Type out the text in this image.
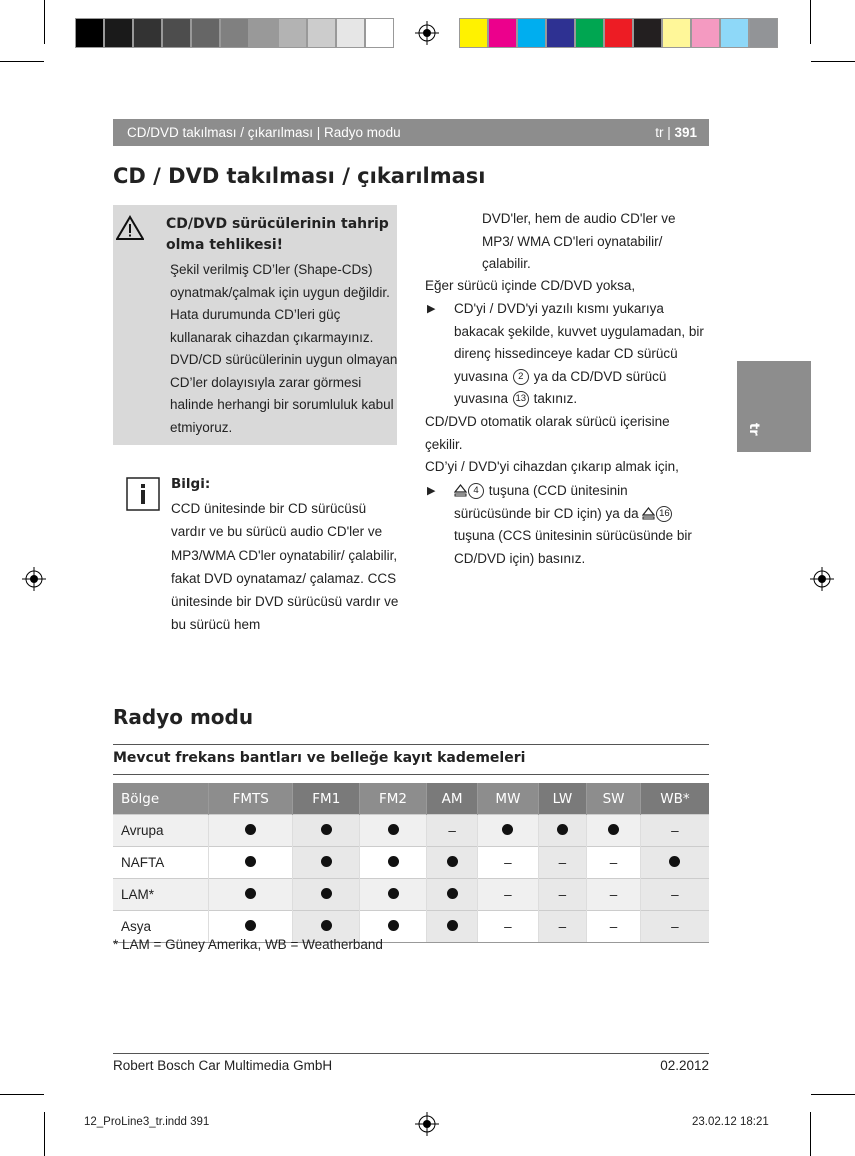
CD/DVD takılması / çıkarılması | Radyo modu	tr | 391
CD / DVD takılması / çıkarılması
CD/DVD sürücülerinin tahrip olma tehlikesi!
Şekil verilmiş CD’ler (Shape-CDs) oynatmak/çalmak için uygun değildir. Hata durumunda CD’leri güç kullanarak cihazdan çıkarmayınız. DVD/CD sürücülerinin uygun olmayan CD’ler dolayısıyla zarar görmesi halinde herhangi bir sorumluluk kabul etmiyoruz.
Bilgi:
CCD ünitesinde bir CD sürücüsü vardır ve bu sürücü audio CD'ler ve MP3/WMA CD'ler oynatabilir/ çalabilir, fakat DVD oynatamaz/ çalamaz. CCS ünitesinde bir DVD sürücüsü vardır ve bu sürücü hem
DVD'ler, hem de audio CD'ler ve MP3/ WMA CD'leri oynatabilir/çalabilir.
Eğer sürücü içinde CD/DVD yoksa,
▶ CD'yi / DVD'yi yazılı kısmı yukarıya bakacak şekilde, kuvvet uygulamadan, bir direnç hissedinceye kadar CD sürücü yuvasına 2 ya da CD/DVD sürücü yuvasına 13 takınız.
CD/DVD otomatik olarak sürücü içerisine çekilir.
CD’yi / DVD'yi cihazdan çıkarıp almak için,
▶	4 tuşuna (CCD ünitesinin sürücüsünde bir CD için) ya da 16 tuşuna (CCS ünitesinin sürücüsünde bir CD/DVD için) basınız.
tr
Radyo modu
Mevcut frekans bantları ve belleğe kayıt kademeleri
Bölge	FMTS	FM1	FM2	AM	MW	LW	SW	WB*
Avrupa				–				–
NAFTA					–	–	–	
LAM*					–	–	–	–
Asya					–	–	–	–
* LAM = Güney Amerika, WB = Weatherband
Robert Bosch Car Multimedia GmbH	02.2012
12_ProLine3_tr.indd 391	23.02.12 18:21
